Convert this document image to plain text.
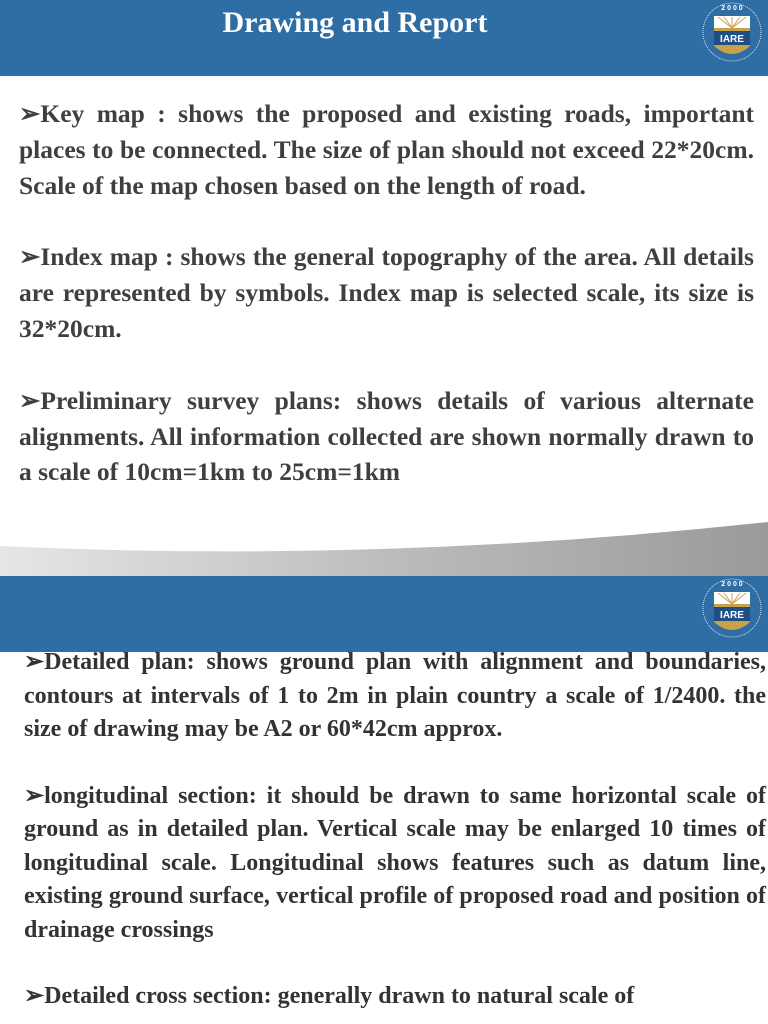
Drawing and Report	2 0 0 0
IARE

➢Key map : shows the proposed and existing roads, important places to be connected. The size of plan should not exceed 22*20cm. Scale of the map chosen based on the length of road.

➢Index map : shows the general topography of the area. All details are represented by symbols. Index map is selected scale, its size is 32*20cm.

➢Preliminary survey plans: shows details of various alternate alignments. All information collected are shown normally drawn to a scale of 10cm=1km to 25cm=1km

2 0 0 0
IARE

➢Detailed plan: shows ground plan with alignment and boundaries, contours at intervals of 1 to 2m in plain country a scale of 1/2400. the size of drawing may be A2 or 60*42cm approx.

➢longitudinal section: it should be drawn to same horizontal scale of ground as in detailed plan. Vertical scale may be enlarged 10 times of longitudinal scale. Longitudinal shows features such as datum line, existing ground surface, vertical profile of proposed road and position of drainage crossings

➢Detailed cross section: generally drawn to natural scale of
